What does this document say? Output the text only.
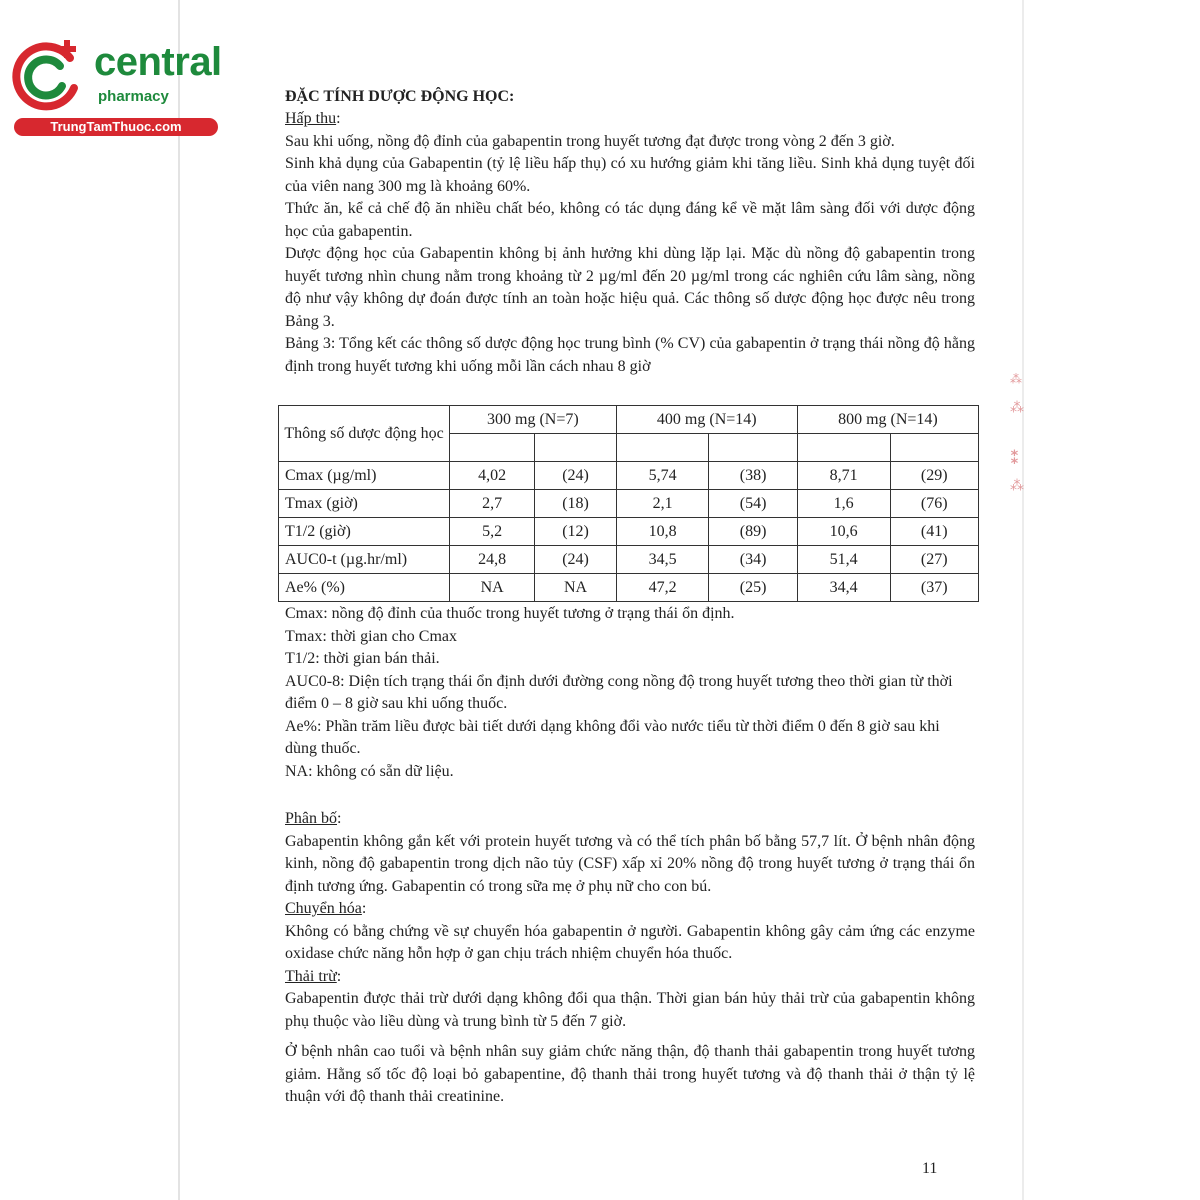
⁂
⁂
⁑
⁂
central
pharmacy
TrungTamThuoc.com

ĐẶC TÍNH DƯỢC ĐỘNG HỌC:

Hấp thu:

Sau khi uống, nồng độ đỉnh của gabapentin trong huyết tương đạt được trong vòng 2 đến 3 giờ.

Sinh khả dụng của Gabapentin (tỷ lệ liều hấp thụ) có xu hướng giảm khi tăng liều. Sinh khả dụng tuyệt đối của viên nang 300 mg là khoảng 60%.

Thức ăn, kể cả chế độ ăn nhiều chất béo, không có tác dụng đáng kể về mặt lâm sàng đối với dược động học của gabapentin.

Dược động học của Gabapentin không bị ảnh hưởng khi dùng lặp lại. Mặc dù nồng độ gabapentin trong huyết tương nhìn chung nằm trong khoảng từ 2 µg/ml đến 20 µg/ml trong các nghiên cứu lâm sàng, nồng độ như vậy không dự đoán được tính an toàn hoặc hiệu quả. Các thông số dược động học được nêu trong Bảng 3.

Bảng 3: Tổng kết các thông số dược động học trung bình (% CV) của gabapentin ở trạng thái nồng độ hằng định trong huyết tương khi uống mỗi lần cách nhau 8 giờ

Thông số dược động học	300 mg (N=7)		400 mg (N=14)		800 mg (N=14)	

Cmax (µg/ml)	4,02	(24)	5,74	(38)	8,71	(29)
Tmax (giờ)	2,7	(18)	2,1	(54)	1,6	(76)
T1/2 (giờ)	5,2	(12)	10,8	(89)	10,6	(41)
AUC0-t (µg.hr/ml)	24,8	(24)	34,5	(34)	51,4	(27)
Ae% (%)	NA	NA	47,2	(25)	34,4	(37)

Cmax: nồng độ đỉnh của thuốc trong huyết tương ở trạng thái ổn định.

Tmax: thời gian cho Cmax

T1/2: thời gian bán thải.

AUC0-8: Diện tích trạng thái ổn định dưới đường cong nồng độ trong huyết tương theo thời gian từ thời điểm 0 – 8 giờ sau khi uống thuốc.

Ae%: Phần trăm liều được bài tiết dưới dạng không đổi vào nước tiểu từ thời điểm 0 đến 8 giờ sau khi dùng thuốc.

NA: không có sẵn dữ liệu.

Phân bố:

Gabapentin không gắn kết với protein huyết tương và có thể tích phân bố bằng 57,7 lít. Ở bệnh nhân động kinh, nồng độ gabapentin trong dịch não tủy (CSF) xấp xỉ 20% nồng độ trong huyết tương ở trạng thái ổn định tương ứng. Gabapentin có trong sữa mẹ ở phụ nữ cho con bú.

Chuyển hóa:

Không có bằng chứng về sự chuyển hóa gabapentin ở người. Gabapentin không gây cảm ứng các enzyme oxidase chức năng hỗn hợp ở gan chịu trách nhiệm chuyển hóa thuốc.

Thải trừ:

Gabapentin được thải trừ dưới dạng không đổi qua thận. Thời gian bán hủy thải trừ của gabapentin không phụ thuộc vào liều dùng và trung bình từ 5 đến 7 giờ.

Ở bệnh nhân cao tuổi và bệnh nhân suy giảm chức năng thận, độ thanh thải gabapentin trong huyết tương giảm. Hằng số tốc độ loại bỏ gabapentine, độ thanh thải trong huyết tương và độ thanh thải ở thận tỷ lệ thuận với độ thanh thải creatinine.

11
